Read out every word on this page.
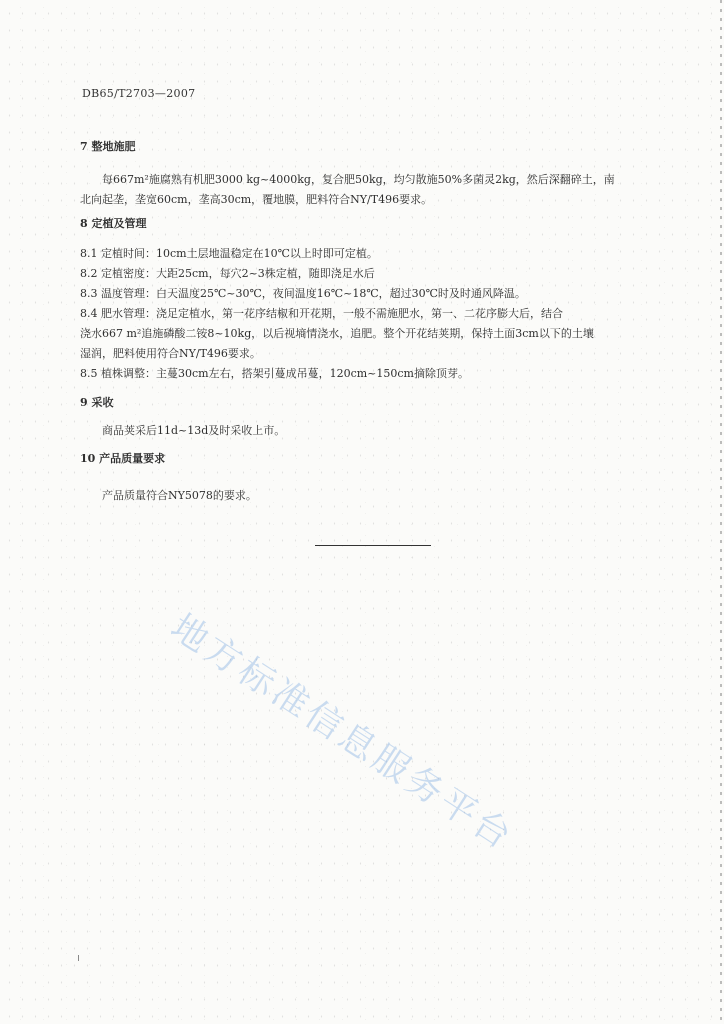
DB65/T2703—2007
7 整地施肥
每667m²施腐熟有机肥3000 kg~4000kg，复合肥50kg，均匀散施50%多菌灵2kg，然后深翻碎土，南
北向起垄，垄宽60cm，垄高30cm，覆地膜，肥料符合NY/T496要求。
8 定植及管理
8.1 定植时间：10cm土层地温稳定在10℃以上时即可定植。
8.2 定植密度：大距25cm，每穴2~3株定植，随即浇足水后
8.3 温度管理：白天温度25℃~30℃，夜间温度16℃~18℃，超过30℃时及时通风降温。
8.4 肥水管理：浇足定植水，第一花序结椒和开花期，一般不需施肥水，第一、二花序膨大后，结合
浇水667 m²追施磷酸二铵8~10kg，以后视墒情浇水，追肥。整个开花结荚期，保持土面3cm以下的土壤
湿润，肥料使用符合NY/T496要求。
8.5 植株调整：主蔓30cm左右，搭架引蔓成吊蔓，120cm~150cm摘除顶芽。
9 采收
商品荚采后11d~13d及时采收上市。
10 产品质量要求
产品质量符合NY5078的要求。
地方标准信息服务平台
